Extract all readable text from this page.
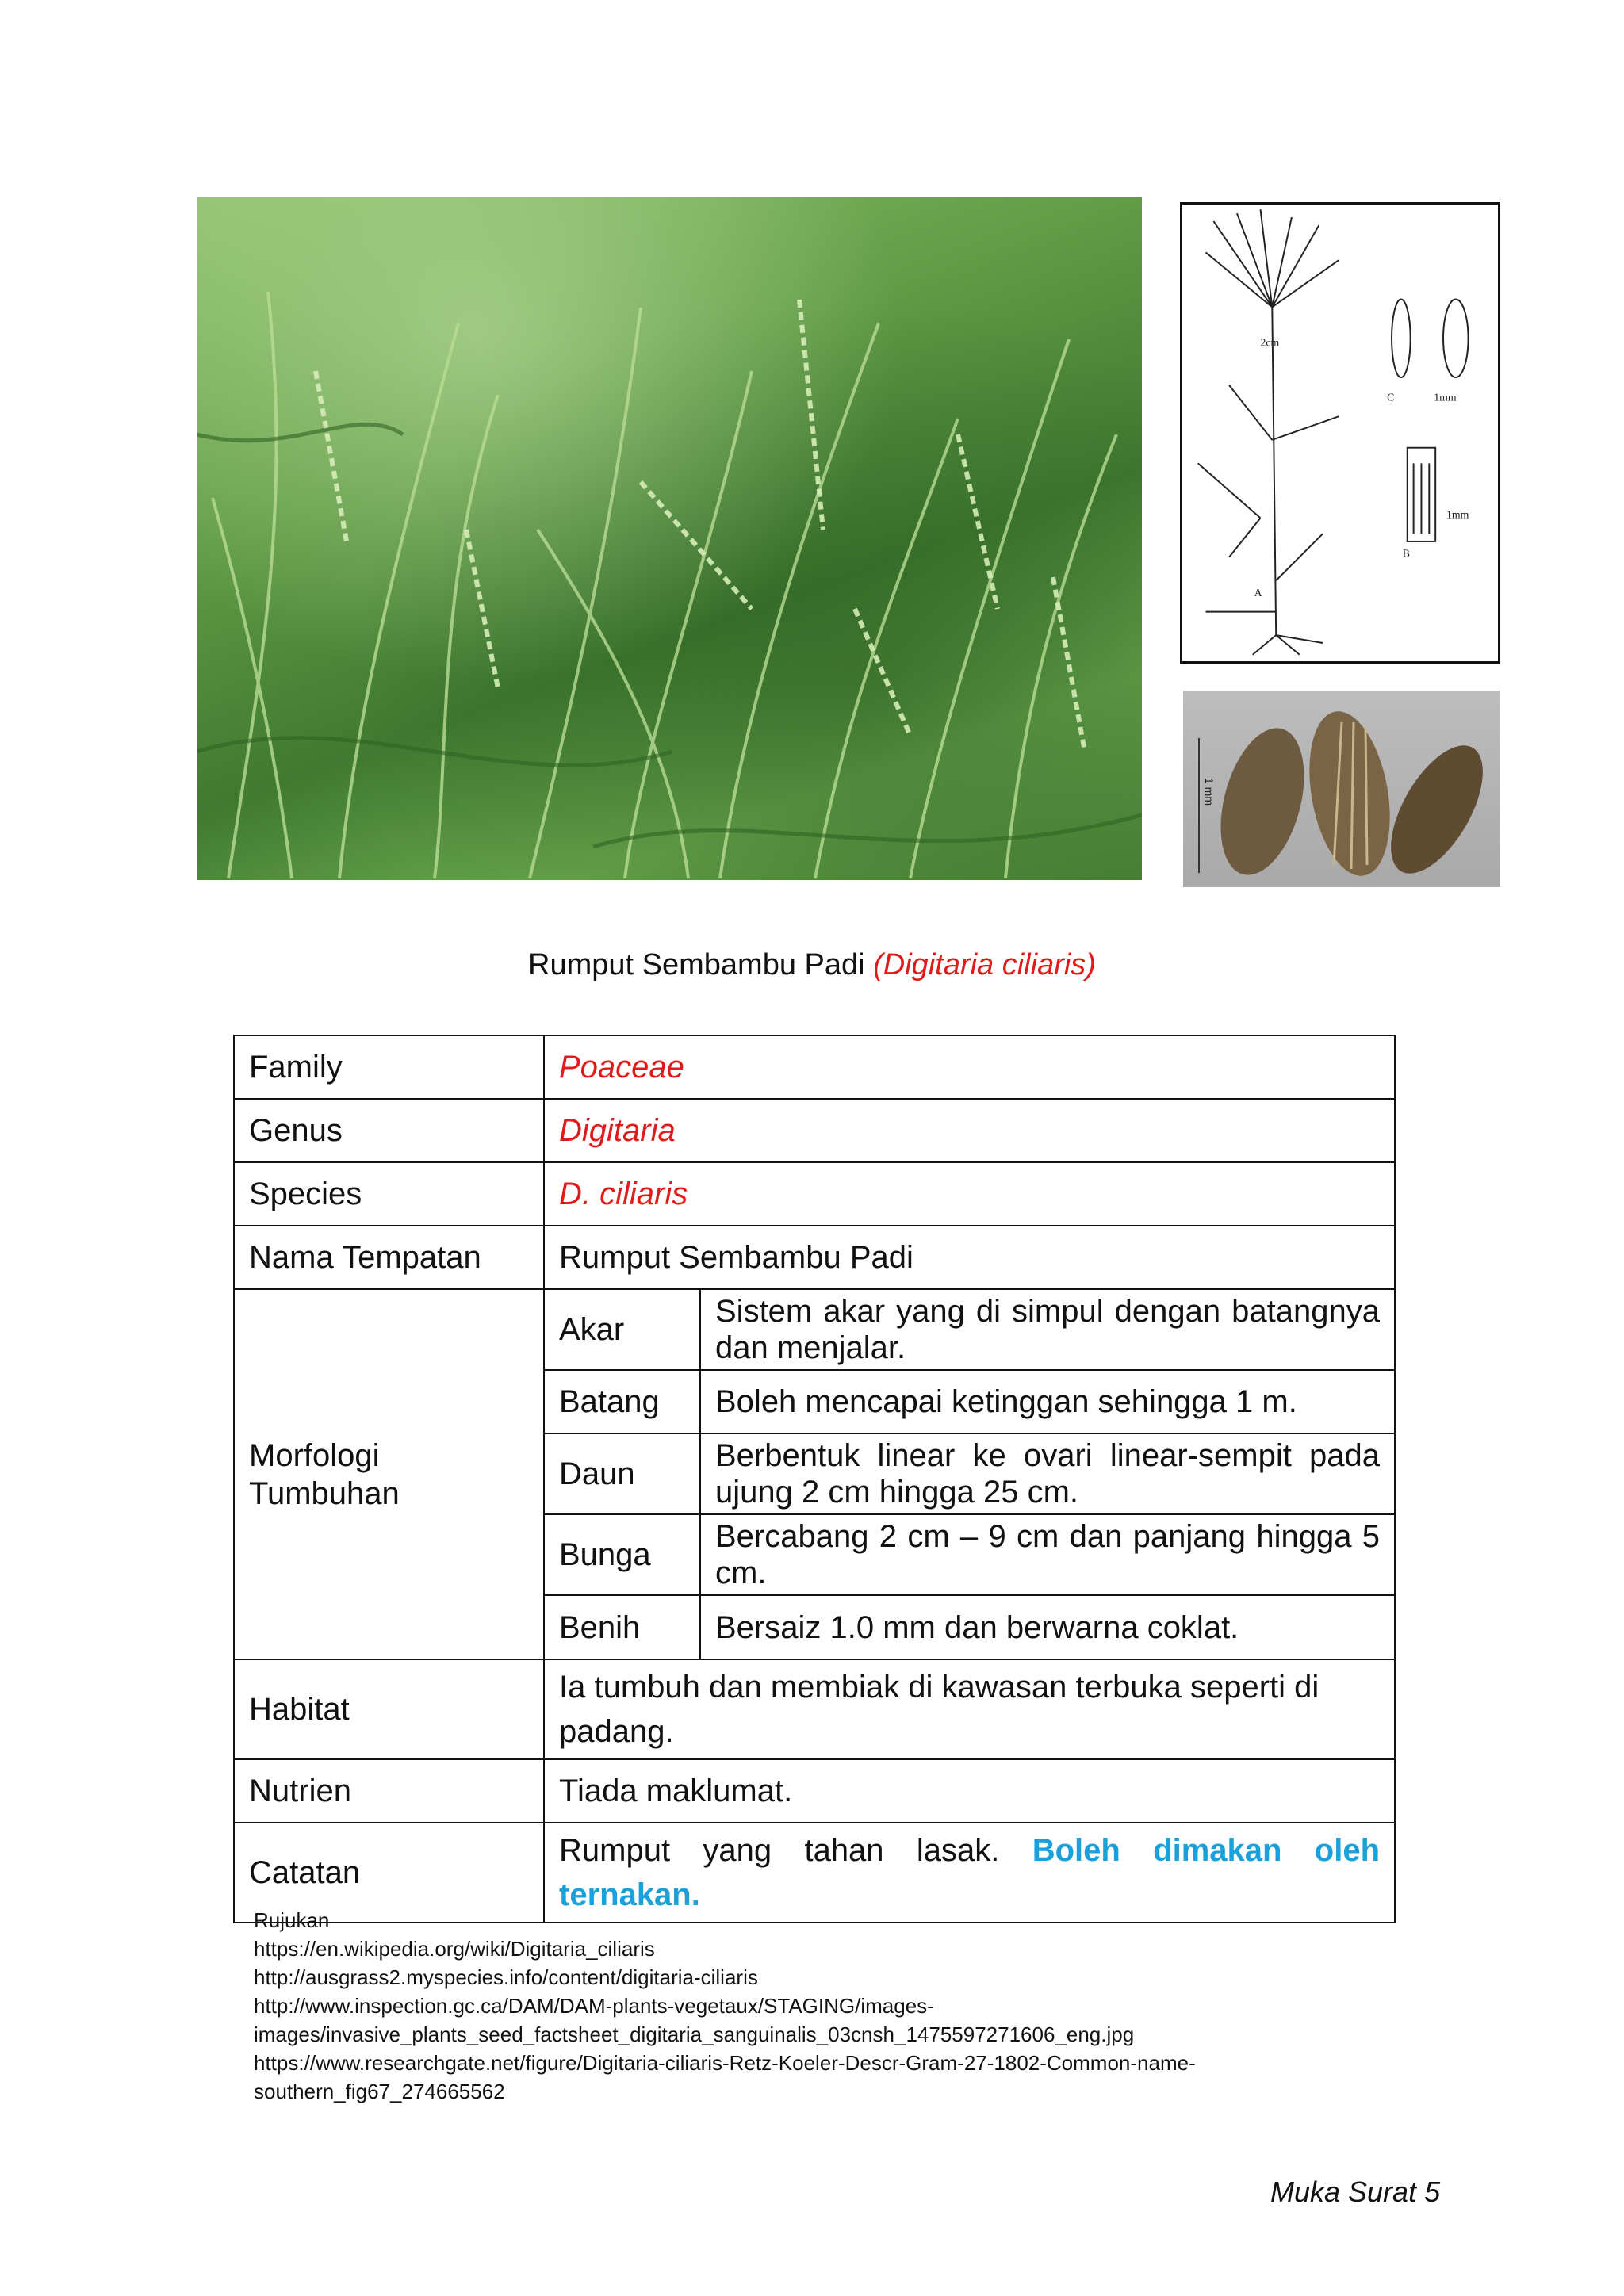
2cm
C	1mm
1mm
B
A
1 mm
Rumput Sembambu Padi (Digitaria ciliaris)
Family	Poaceae
Genus	Digitaria
Species	D. ciliaris
Nama Tempatan	Rumput Sembambu Padi
Morfologi Tumbuhan	
Akar	Sistem akar yang di simpul dengan batangnya dan menjalar.
Batang	Boleh mencapai ketinggan sehingga 1 m.
Daun	Berbentuk linear ke ovari linear-sempit pada ujung 2 cm hingga 25 cm.
Bunga	Bercabang 2 cm – 9 cm dan panjang hingga 5 cm.
Benih	Bersaiz 1.0 mm dan berwarna coklat.

Habitat	Ia tumbuh dan membiak di kawasan terbuka seperti di padang.
Nutrien	Tiada maklumat.
Catatan	Rumput yang tahan lasak. Boleh dimakan oleh ternakan.
Rujukan
https://en.wikipedia.org/wiki/Digitaria_ciliaris
http://ausgrass2.myspecies.info/content/digitaria-ciliaris
http://www.inspection.gc.ca/DAM/DAM-plants-vegetaux/STAGING/images-
images/invasive_plants_seed_factsheet_digitaria_sanguinalis_03cnsh_1475597271606_eng.jpg
https://www.researchgate.net/figure/Digitaria-ciliaris-Retz-Koeler-Descr-Gram-27-1802-Common-name-
southern_fig67_274665562
Muka Surat 5
